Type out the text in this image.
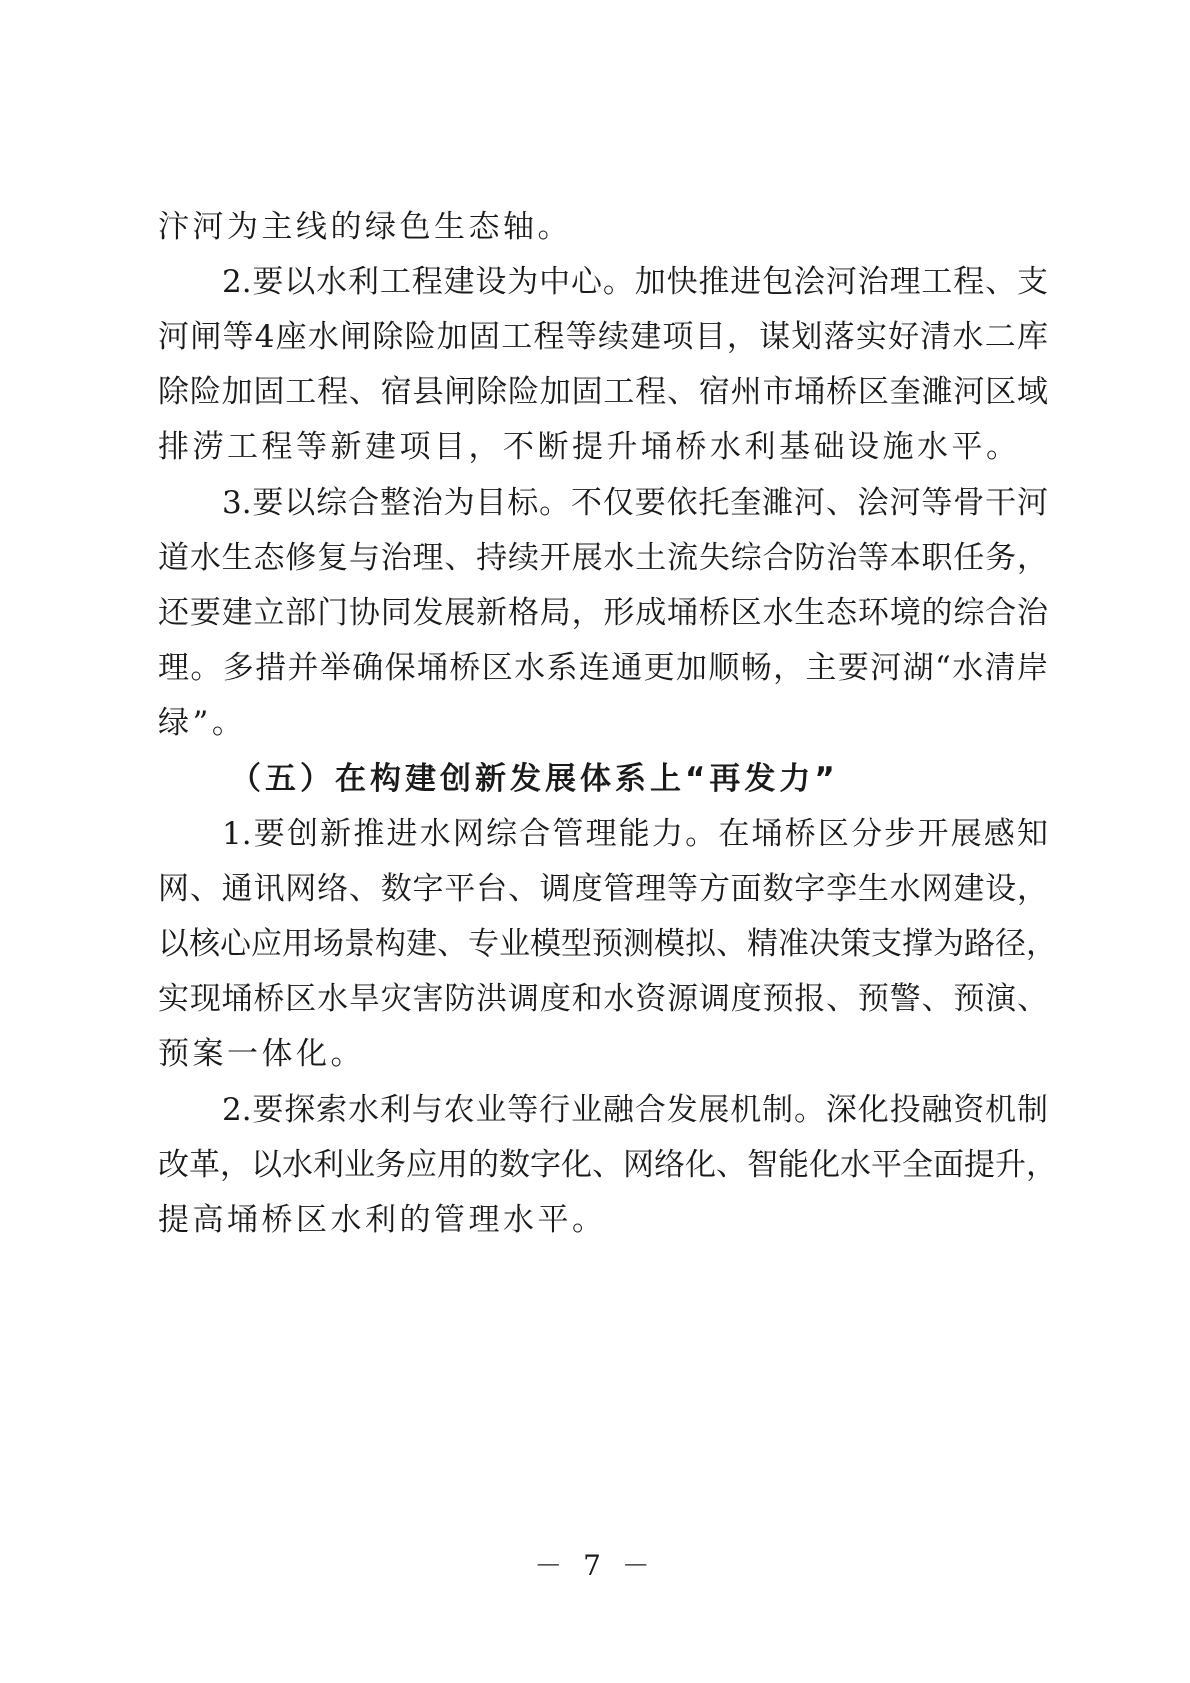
汴河为主线的绿色生态轴。
2.要以水利工程建设为中心。加快推进包浍河治理工程、支
河闸等4座水闸除险加固工程等续建项目，谋划落实好清水二库
除险加固工程、宿县闸除险加固工程、宿州市埇桥区奎濉河区域
排涝工程等新建项目，不断提升埇桥水利基础设施水平。
3.要以综合整治为目标。不仅要依托奎濉河、浍河等骨干河
道水生态修复与治理、持续开展水土流失综合防治等本职任务，
还要建立部门协同发展新格局，形成埇桥区水生态环境的综合治
理。多措并举确保埇桥区水系连通更加顺畅，主要河湖“水清岸
绿”。
（五）在构建创新发展体系上“再发力”
1.要创新推进水网综合管理能力。在埇桥区分步开展感知
网、通讯网络、数字平台、调度管理等方面数字孪生水网建设，
以核心应用场景构建、专业模型预测模拟、精准决策支撑为路径，
实现埇桥区水旱灾害防洪调度和水资源调度预报、预警、预演、
预案一体化。
2.要探索水利与农业等行业融合发展机制。深化投融资机制
改革，以水利业务应用的数字化、网络化、智能化水平全面提升，
提高埇桥区水利的管理水平。
－ 7 －
